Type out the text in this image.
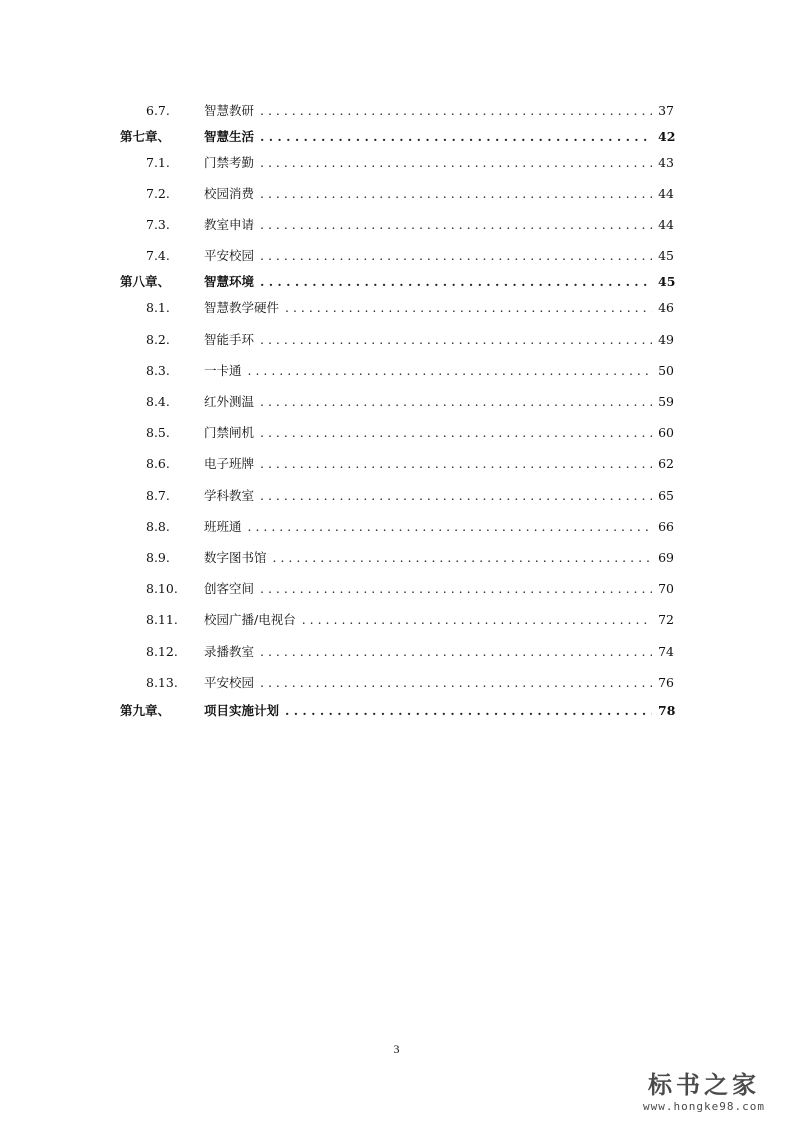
6.7.	智慧教研 . . .	37
第七章、	智慧生活 . . .	42
7.1.	门禁考勤 . . .	43
7.2.	校园消费 . . .	44
7.3.	教室申请 . . .	44
7.4.	平安校园 . . .	45
第八章、	智慧环境 . . .	45
8.1.	智慧教学硬件 . . .	46
8.2.	智能手环 . . .	49
8.3.	一卡通 . . .	50
8.4.	红外测温 . . .	59
8.5.	门禁闸机 . . .	60
8.6.	电子班牌 . . .	62
8.7.	学科教室 . . .	65
8.8.	班班通 . . .	66
8.9.	数字图书馆 . . .	69
8.10. 创客空间 . . .	70
8.11. 校园广播/电视台 . . .	72
8.12. 录播教室 . . .	74
8.13. 平安校园 . . .	76
第九章、	项目实施计划 . . .	78
3
标书之家
www.hongke98.com
